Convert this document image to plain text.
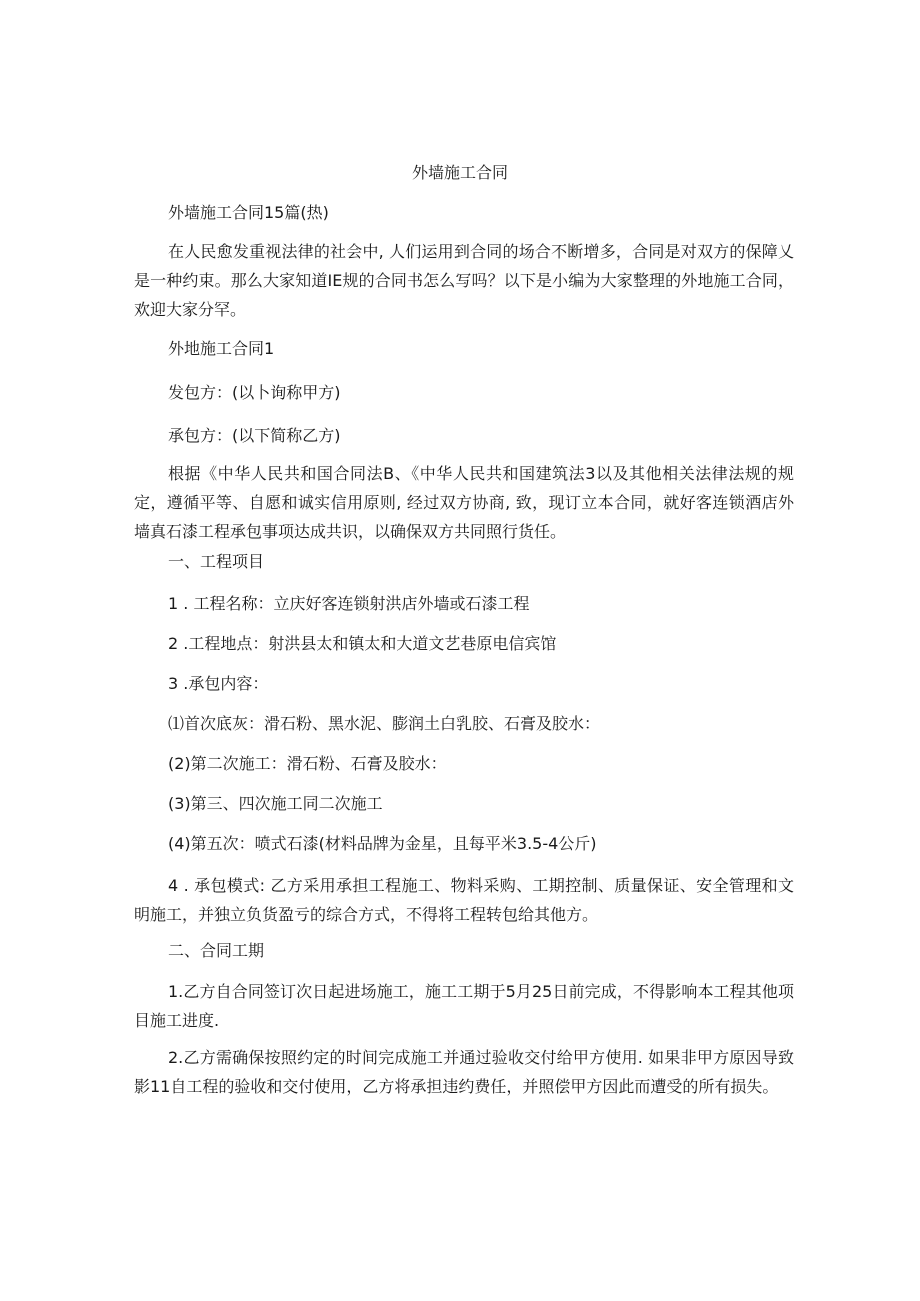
外墙施工合同

外墙施工合同15篇(热)

在人民愈发重视法律的社会中, 人们运用到合同的场合不断增多，合同是对双方的保障乂是一种约束。那么大家知道IE规的合同书怎么写吗？以下是小编为大家整理的外地施工合同，欢迎大家分罕。

外地施工合同1

发包方：(以卜询称甲方)

承包方：(以下简称乙方)

根据《中华人民共和国合同法B、《中华人民共和国建筑法3以及其他相关法律法规的规定，遵循平等、自愿和诚实信用原则, 经过双方协商, 致，现订立本合同，就好客连锁酒店外墙真石漆工程承包事项达成共识，以确保双方共同照行货任。

一、工程项目

1 . 工程名称：立庆好客连锁射洪店外墙或石漆工程

2 .工程地点：射洪县太和镇太和大道文艺巷原电信宾馆

3 .承包内容：

⑴首次底灰：滑石粉、黑水泥、膨润土白乳胶、石膏及胶水：

(2)第二次施工：滑石粉、石膏及胶水：

(3)第三、四次施工同二次施工

(4)第五次：喷式石漆(材料品牌为金星，且每平米3.5-4公斤)

4 . 承包模式: 乙方采用承担工程施工、物料采购、工期控制、质量保证、安全管理和文明施工，并独立负货盈亏的综合方式，不得将工程转包给其他方。

二、合同工期

1.乙方自合同签订次日起进场施工，施工工期于5月25日前完成，不得影响本工程其他项目施工进度.

2.乙方需确保按照约定的时间完成施工并通过验收交付给甲方使用. 如果非甲方原因导致影11自工程的验收和交付使用，乙方将承担违约费任，并照偿甲方因此而遭受的所有损失。
